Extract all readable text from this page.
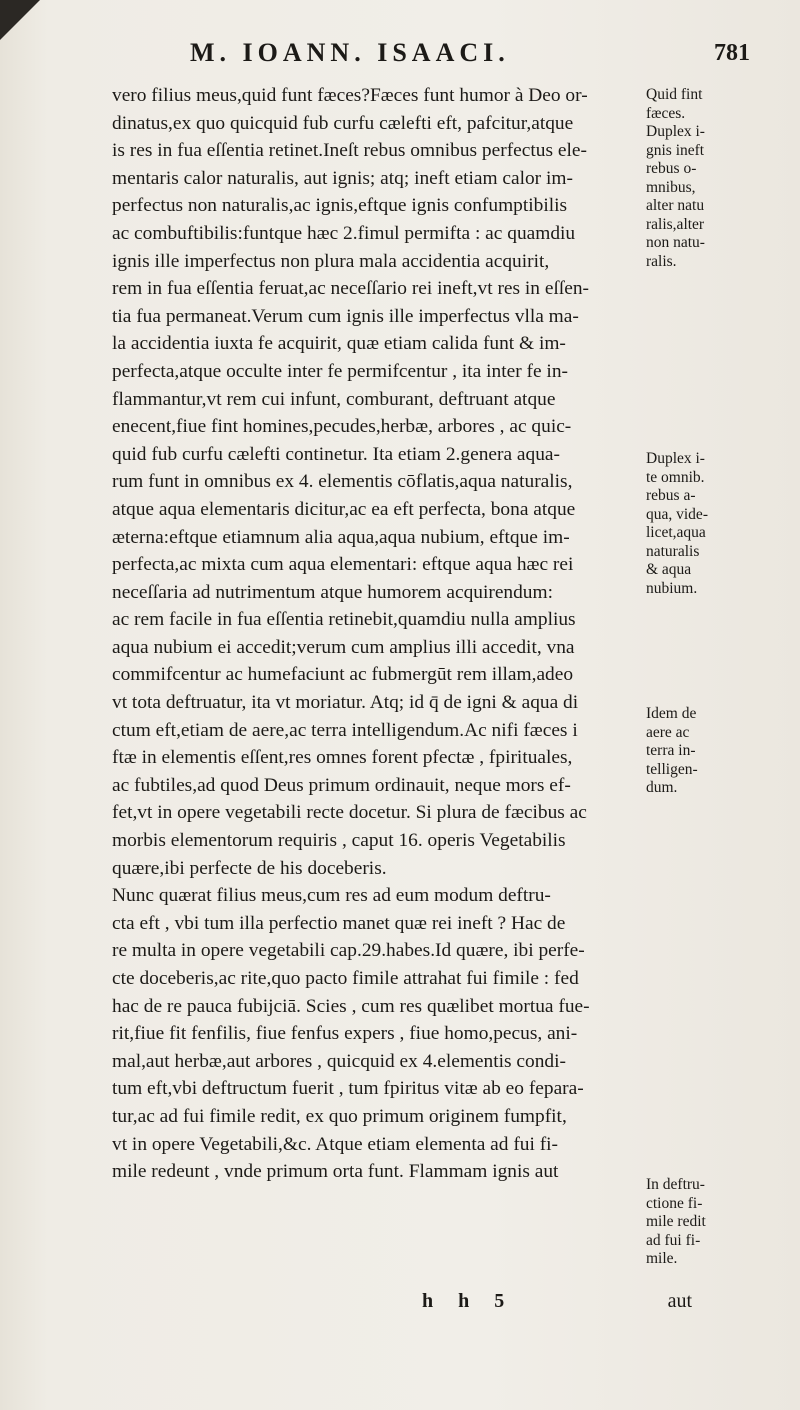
M. IOANN. ISAACI.	781
vero filius meus,quid funt fæces?Fæces funt humor à Deo or-
dinatus,ex quo quicquid fub curfu cælefti eft, pafcitur,atque
is res in fua eſſentia retinet.Ineſt rebus omnibus perfectus ele-
mentaris calor naturalis, aut ignis; atq; ineft etiam calor im-
perfectus non naturalis,ac ignis,eftque ignis confumptibilis
ac combuftibilis:funtque hæc 2.fimul permifta : ac quamdiu
ignis ille imperfectus non plura mala accidentia acquirit,
rem in fua eſſentia feruat,ac neceſſario rei ineft,vt res in eſſen-
tia fua permaneat.Verum cum ignis ille imperfectus vlla ma-
la accidentia iuxta fe acquirit, quæ etiam calida funt & im-
perfecta,atque occulte inter fe permifcentur , ita inter fe in-
flammantur,vt rem cui infunt, comburant, deftruant atque
enecent,fiue fint homines,pecudes,herbæ, arbores , ac quic-
quid fub curfu cælefti continetur. Ita etiam 2.genera aqua-
rum funt in omnibus ex 4. elementis cōflatis,aqua naturalis,
atque aqua elementaris dicitur,ac ea eft perfecta, bona atque
æterna:eftque etiamnum alia aqua,aqua nubium, eftque im-
perfecta,ac mixta cum aqua elementari: eftque aqua hæc rei
neceſſaria ad nutrimentum atque humorem acquirendum:
ac rem facile in fua eſſentia retinebit,quamdiu nulla amplius
aqua nubium ei accedit;verum cum amplius illi accedit, vna
commifcentur ac humefaciunt ac fubmergūt rem illam,adeo
vt tota deftruatur, ita vt moriatur. Atq; id q̄ de igni & aqua di
ctum eft,etiam de aere,ac terra intelligendum.Ac nifi fæces i
ftæ in elementis eſſent,res omnes forent pfectæ , fpirituales,
ac fubtiles,ad quod Deus primum ordinauit, neque mors ef-
fet,vt in opere vegetabili recte docetur. Si plura de fæcibus ac
morbis elementorum requiris , caput 16. operis Vegetabilis
quære,ibi perfecte de his doceberis.
Nunc quærat filius meus,cum res ad eum modum deftru-
cta eft , vbi tum illa perfectio manet quæ rei ineft ? Hac de
re multa in opere vegetabili cap.29.habes.Id quære, ibi perfe-
cte doceberis,ac rite,quo pacto fimile attrahat fui fimile : fed
hac de re pauca fubijciā. Scies , cum res quælibet mortua fue-
rit,fiue fit fenfilis, fiue fenfus expers , fiue homo,pecus, ani-
mal,aut herbæ,aut arbores , quicquid ex 4.elementis condi-
tum eft,vbi deftructum fuerit , tum fpiritus vitæ ab eo fepara-
tur,ac ad fui fimile redit, ex quo primum originem fumpfit,
vt in opere Vegetabili,&c. Atque etiam elementa ad fui fi-
mile redeunt , vnde primum orta funt. Flammam ignis aut
Quid fint
fæces.
Duplex i-
gnis ineft
rebus o-
mnibus,
alter natu
ralis,alter
non natu-
ralis.
Duplex i-
te omnib.
rebus a-
qua, vide-
licet,aqua
naturalis
& aqua
nubium.
Idem de
aere ac
terra in-
telligen-
dum.
In deftru-
ctione fi-
mile redit
ad fui fi-
mile.
h h 5	aut
